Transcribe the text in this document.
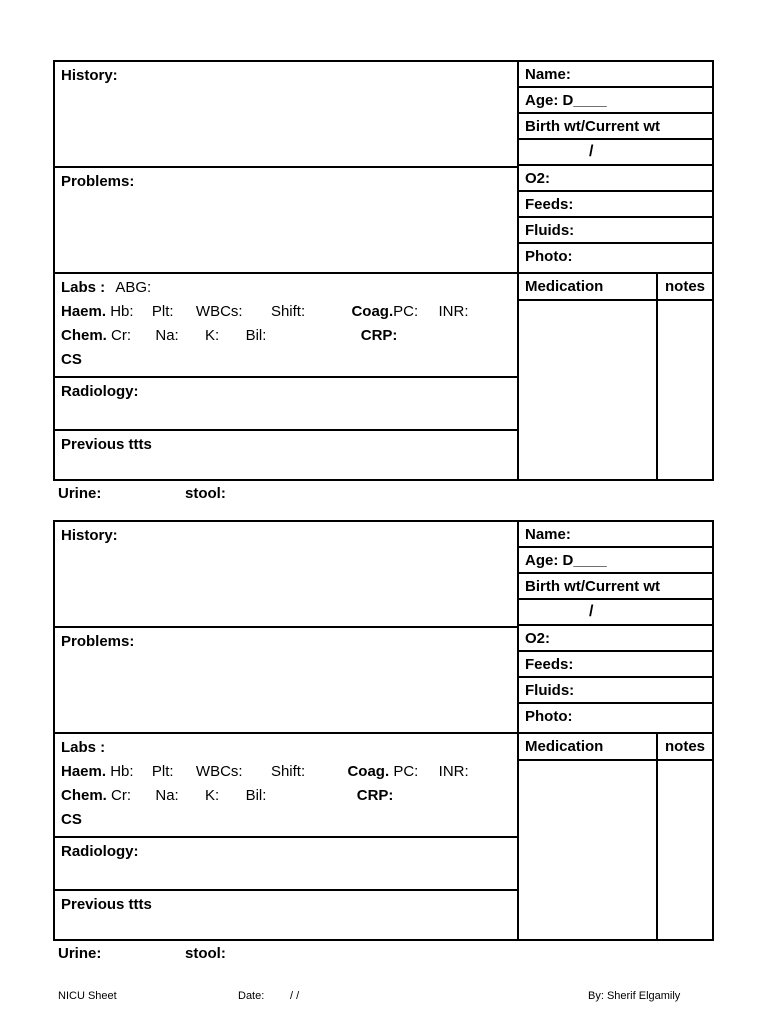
History:
Problems:
Labs : ABG:
Haem. Hb: Plt: WBCs: Shift:	Coag.PC: INR:
Chem. Cr: Na: K: Bil:	CRP:
CS
Radiology:
Previous ttts
Name:
Age: D____
Birth wt/Current wt
/
O2:
Feeds:
Fluids:
Photo:
Medication	notes
Urine:	stool:
History:
Problems:
Labs :
Haem. Hb: Plt: WBCs: Shift:	Coag. PC: INR:
Chem. Cr: Na: K: Bil:	CRP:
CS
Radiology:
Previous ttts
Name:
Age: D____
Birth wt/Current wt
/
O2:
Feeds:
Fluids:
Photo:
Medication	notes
Urine:	stool:
NICU Sheet	Date: / /	By: Sherif Elgamily
